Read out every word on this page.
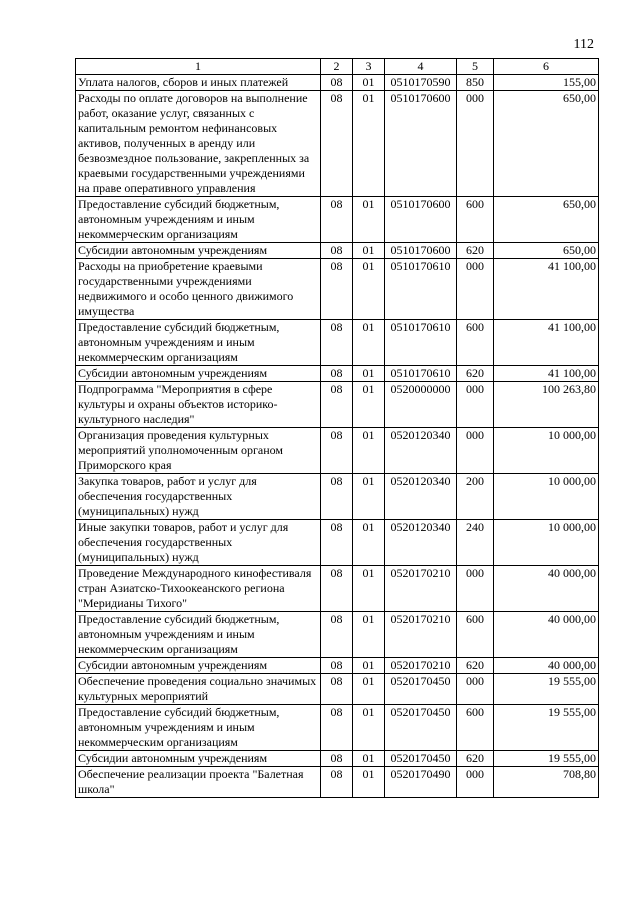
112
1	2	3	4	5	6
Уплата налогов, сборов и иных платежей	08	01	0510170590	850	155,00
Расходы по оплате договоров на выполнение работ, оказание услуг, связанных с капитальным ремонтом нефинансовых активов, полученных в аренду или безвозмездное пользование, закрепленных за краевыми государственными учреждениями на праве оперативного управления	08	01	0510170600	000	650,00
Предоставление субсидий бюджетным, автономным учреждениям и иным некоммерческим организациям	08	01	0510170600	600	650,00
Субсидии автономным учреждениям	08	01	0510170600	620	650,00
Расходы на приобретение краевыми государственными учреждениями недвижимого и особо ценного движимого имущества	08	01	0510170610	000	41 100,00
Предоставление субсидий бюджетным, автономным учреждениям и иным некоммерческим организациям	08	01	0510170610	600	41 100,00
Субсидии автономным учреждениям	08	01	0510170610	620	41 100,00
Подпрограмма "Мероприятия в сфере культуры и охраны объектов историко-культурного наследия"	08	01	0520000000	000	100 263,80
Организация проведения культурных мероприятий уполномоченным органом Приморского края	08	01	0520120340	000	10 000,00
Закупка товаров, работ и услуг для обеспечения государственных (муниципальных) нужд	08	01	0520120340	200	10 000,00
Иные закупки товаров, работ и услуг для обеспечения государственных (муниципальных) нужд	08	01	0520120340	240	10 000,00
Проведение Международного кинофестиваля стран Азиатско-Тихоокеанского региона "Меридианы Тихого"	08	01	0520170210	000	40 000,00
Предоставление субсидий бюджетным, автономным учреждениям и иным некоммерческим организациям	08	01	0520170210	600	40 000,00
Субсидии автономным учреждениям	08	01	0520170210	620	40 000,00
Обеспечение проведения социально значимых культурных мероприятий	08	01	0520170450	000	19 555,00
Предоставление субсидий бюджетным, автономным учреждениям и иным некоммерческим организациям	08	01	0520170450	600	19 555,00
Субсидии автономным учреждениям	08	01	0520170450	620	19 555,00
Обеспечение реализации проекта "Балетная школа"	08	01	0520170490	000	708,80
